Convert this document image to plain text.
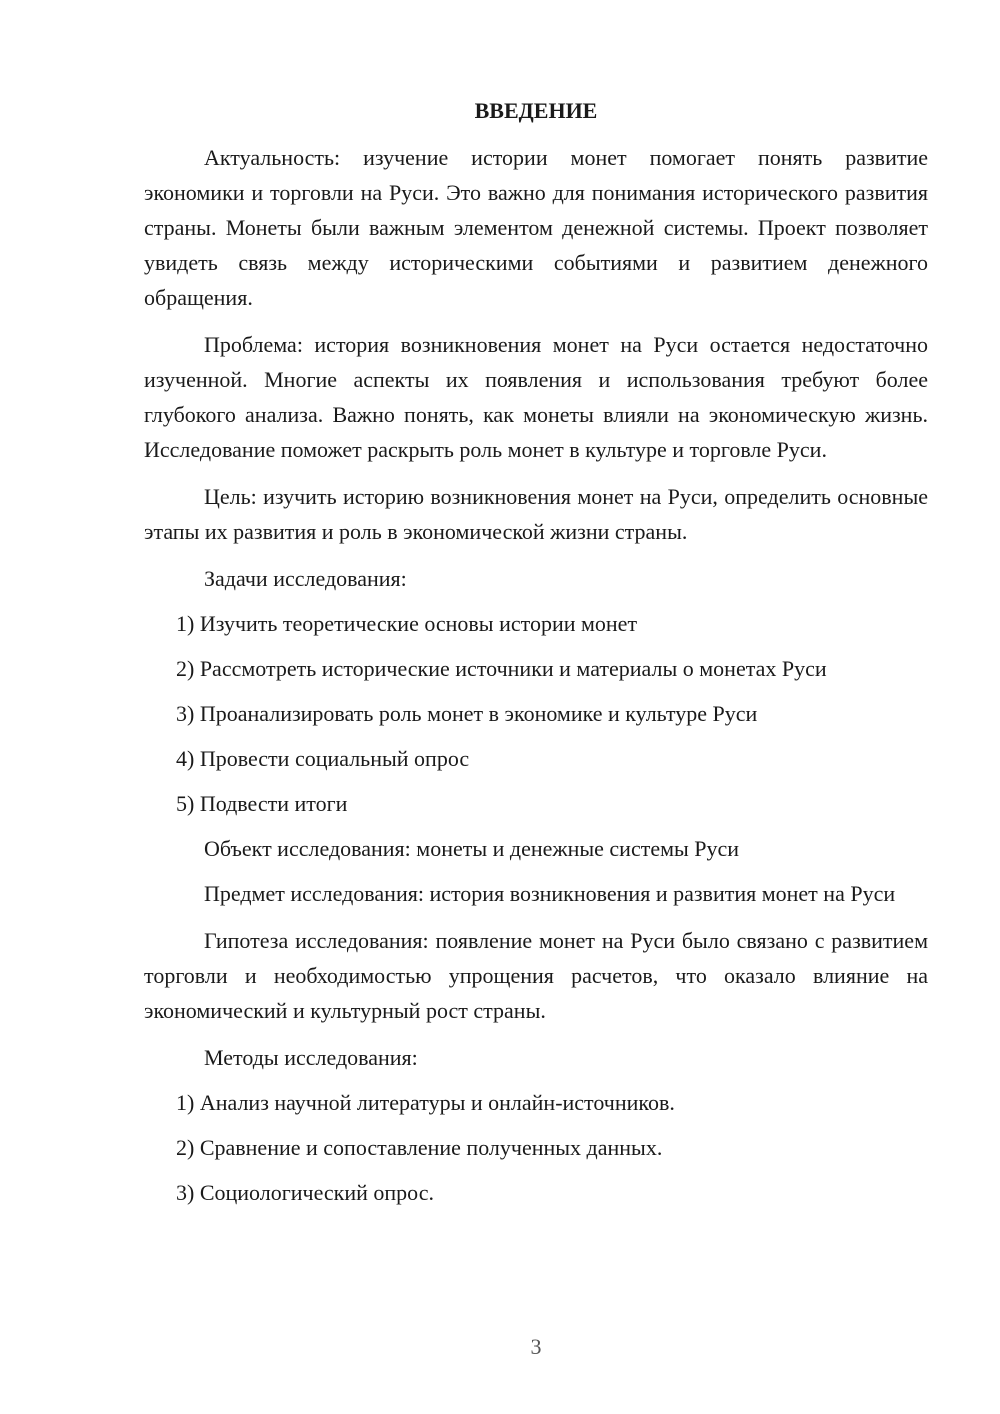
ВВЕДЕНИЕ

Актуальность: изучение истории монет помогает понять развитие экономики и торговли на Руси. Это важно для понимания исторического развития страны. Монеты были важным элементом денежной системы. Проект позволяет увидеть связь между историческими событиями и развитием денежного обращения.

Проблема: история возникновения монет на Руси остается недостаточно изученной. Многие аспекты их появления и использования требуют более глубокого анализа. Важно понять, как монеты влияли на экономическую жизнь. Исследование поможет раскрыть роль монет в культуре и торговле Руси.

Цель: изучить историю возникновения монет на Руси, определить основные этапы их развития и роль в экономической жизни страны.

Задачи исследования:

1) Изучить теоретические основы истории монет
2) Рассмотреть исторические источники и материалы о монетах Руси
3) Проанализировать роль монет в экономике и культуре Руси
4) Провести социальный опрос
5) Подвести итоги

Объект исследования: монеты и денежные системы Руси

Предмет исследования: история возникновения и развития монет на Руси

Гипотеза исследования: появление монет на Руси было связано с развитием торговли и необходимостью упрощения расчетов, что оказало влияние на экономический и культурный рост страны.

Методы исследования:

1) Анализ научной литературы и онлайн-источников.
2) Сравнение и сопоставление полученных данных.
3) Социологический опрос.
3
